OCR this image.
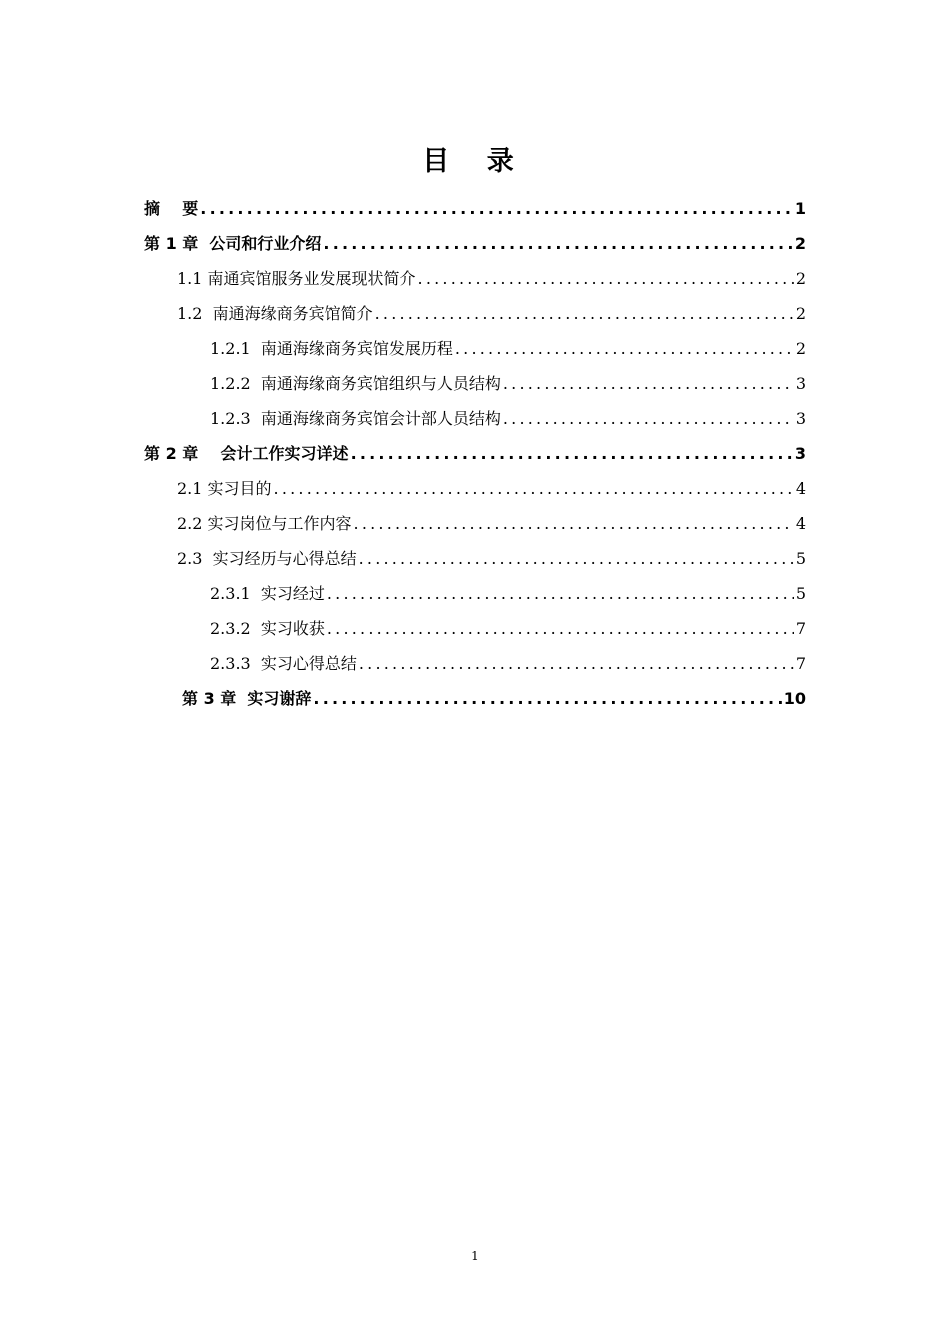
目 录
摘    要 .....	1
第 1 章  公司和行业介绍 .....	2
1.1 南通宾馆服务业发展现状简介 .....	2
1.2  南通海缘商务宾馆简介 .....	2
1.2.1  南通海缘商务宾馆发展历程 .....	2
1.2.2  南通海缘商务宾馆组织与人员结构 .....	3
1.2.3  南通海缘商务宾馆会计部人员结构 .....	3
第 2 章    会计工作实习详述 .....	3
2.1 实习目的 .....	4
2.2 实习岗位与工作内容 .....	4
2.3  实习经历与心得总结 .....	5
2.3.1  实习经过 .....	5
2.3.2  实习收获 .....	7
2.3.3  实习心得总结 .....	7
第 3 章  实习谢辞 .....	10
1
